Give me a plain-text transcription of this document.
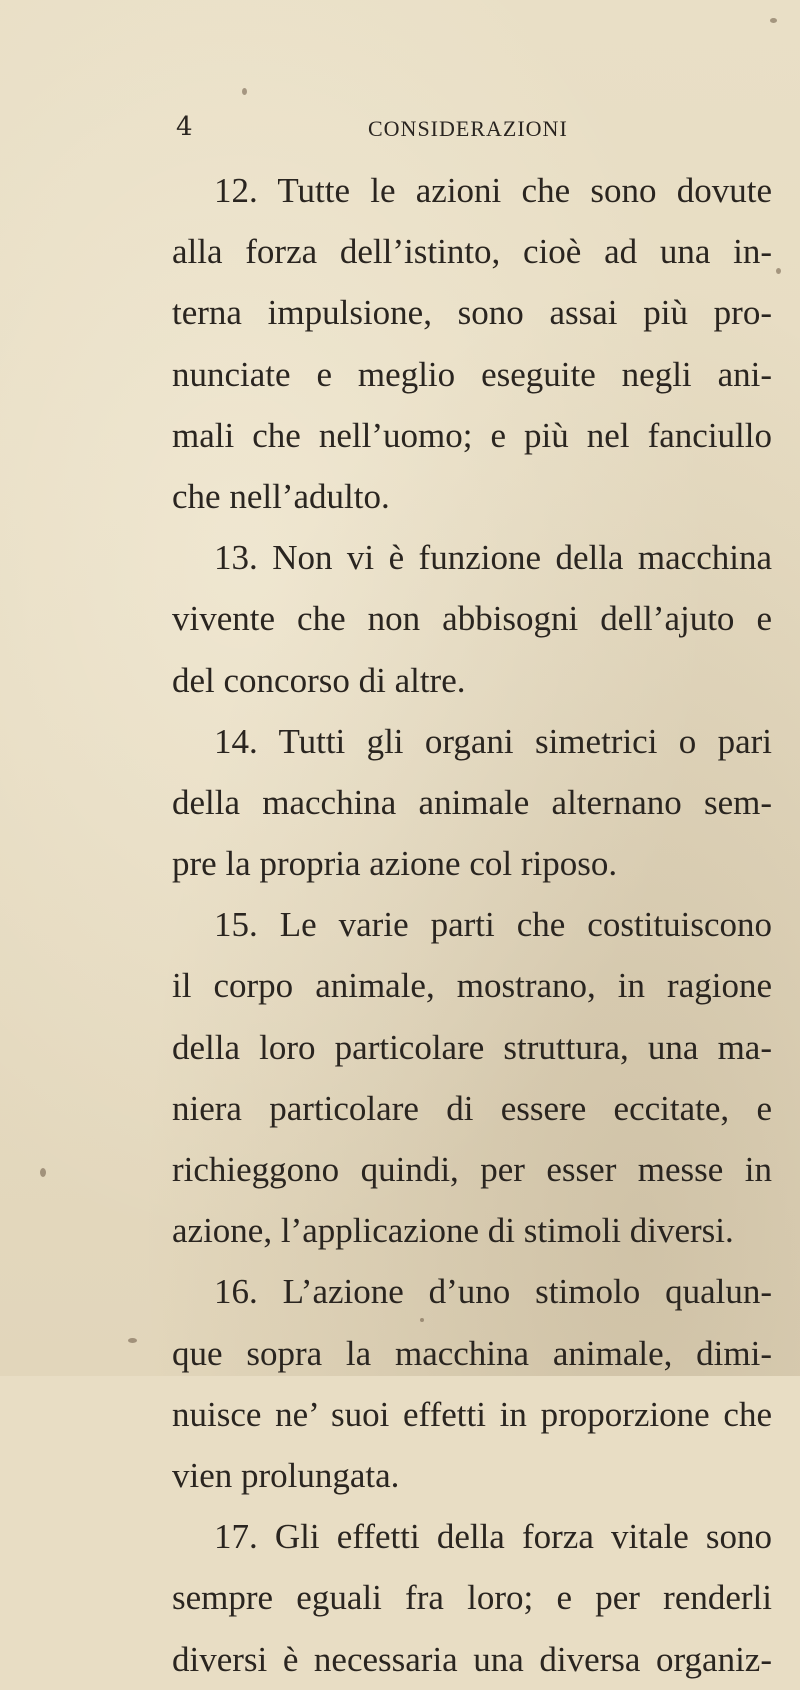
4	CONSIDERAZIONI
12. Tutte le azioni che sono dovute
alla forza dell’istinto, cioè ad una in-
terna impulsione, sono assai più pro-
nunciate e meglio eseguite negli ani-
mali che nell’uomo; e più nel fanciullo
che nell’adulto.
13. Non vi è funzione della macchina
vivente che non abbisogni dell’ajuto e
del concorso di altre.
14. Tutti gli organi simetrici o pari
della macchina animale alternano sem-
pre la propria azione col riposo.
15. Le varie parti che costituiscono
il corpo animale, mostrano, in ragione
della loro particolare struttura, una ma-
niera particolare di essere eccitate, e
richieggono quindi, per esser messe in
azione, l’applicazione di stimoli diversi.
16. L’azione d’uno stimolo qualun-
que sopra la macchina animale, dimi-
nuisce ne’ suoi effetti in proporzione che
vien prolungata.
17. Gli effetti della forza vitale sono
sempre eguali fra loro; e per renderli
diversi è necessaria una diversa organiz-
